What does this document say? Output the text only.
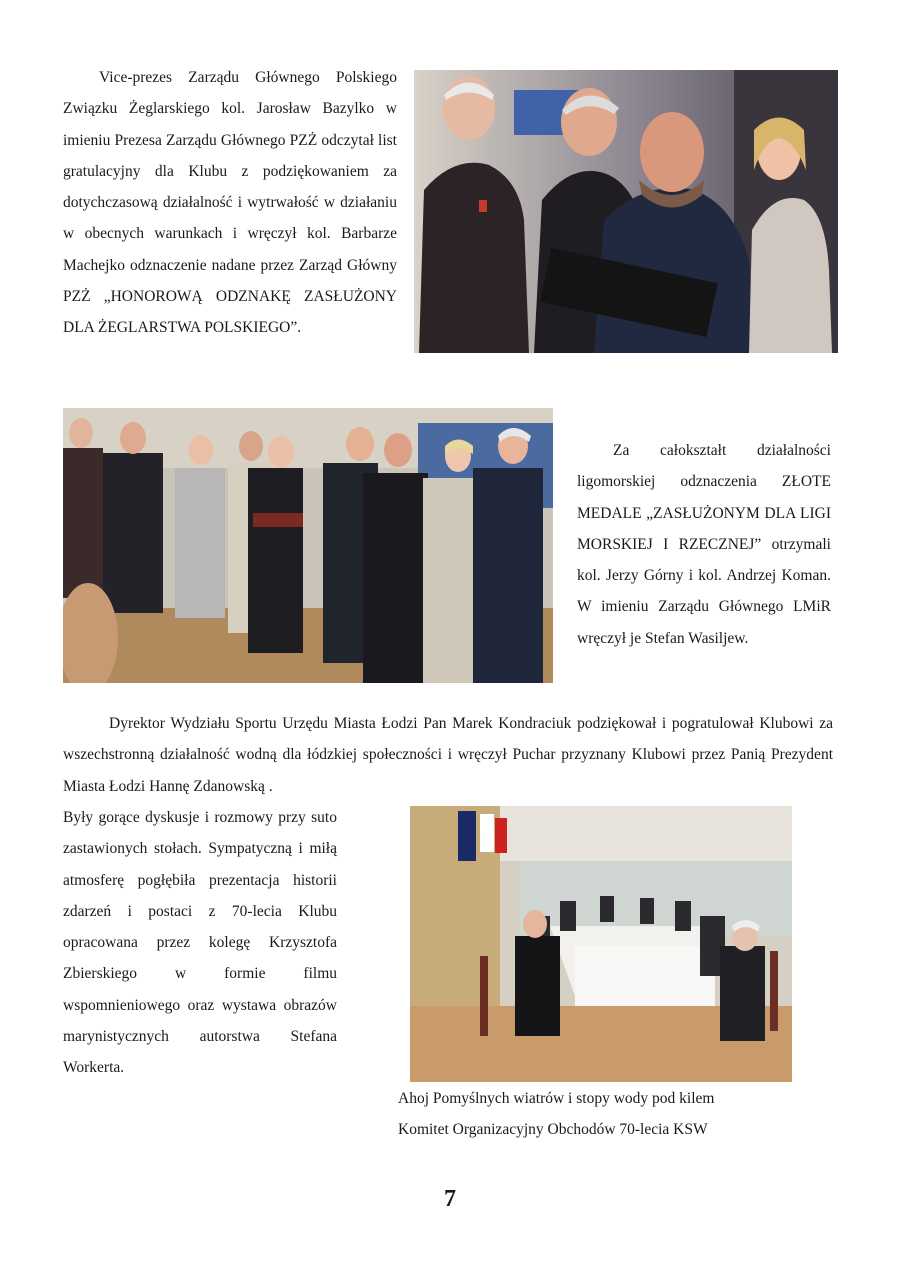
Vice-prezes Zarządu Głównego Polskiego Związku Żeglarskiego kol. Jarosław Bazylko w imieniu Prezesa Zarządu Głównego PZŻ odczytał list gratulacyjny dla Klubu z podziękowaniem za dotychczasową działalność i wytrwałość w działaniu w obecnych warunkach i wręczył kol. Barbarze Machejko odznaczenie nadane przez Zarząd Główny PZŻ „HONOROWĄ ODZNAKĘ ZASŁUŻONY DLA ŻEGLARSTWA POLSKIEGO”.

Za całokształt działalności ligomorskiej odznaczenia ZŁOTE MEDALE „ZASŁUŻONYM DLA LIGI MORSKIEJ I RZECZNEJ” otrzymali kol. Jerzy Górny i kol. Andrzej Koman. W imieniu Zarządu Głównego LMiR wręczył je Stefan Wasiljew.

Dyrektor Wydziału Sportu Urzędu Miasta Łodzi Pan Marek Kondraciuk podziękował i pogratulował Klubowi za wszechstronną działalność wodną dla łódzkiej społeczności i wręczył Puchar przyznany Klubowi przez Panią Prezydent Miasta Łodzi Hannę Zdanowską .

Były gorące dyskusje i rozmowy przy suto zastawionych stołach. Sympatyczną i miłą atmosferę pogłębiła prezentacja historii zdarzeń i postaci z 70-lecia Klubu opracowana przez kolegę Krzysztofa Zbierskiego w formie filmu wspomnieniowego oraz wystawa obrazów marynistycznych autorstwa Stefana Workerta.

Ahoj Pomyślnych wiatrów i stopy wody pod kilem
Komitet Organizacyjny Obchodów 70-lecia KSW
7
